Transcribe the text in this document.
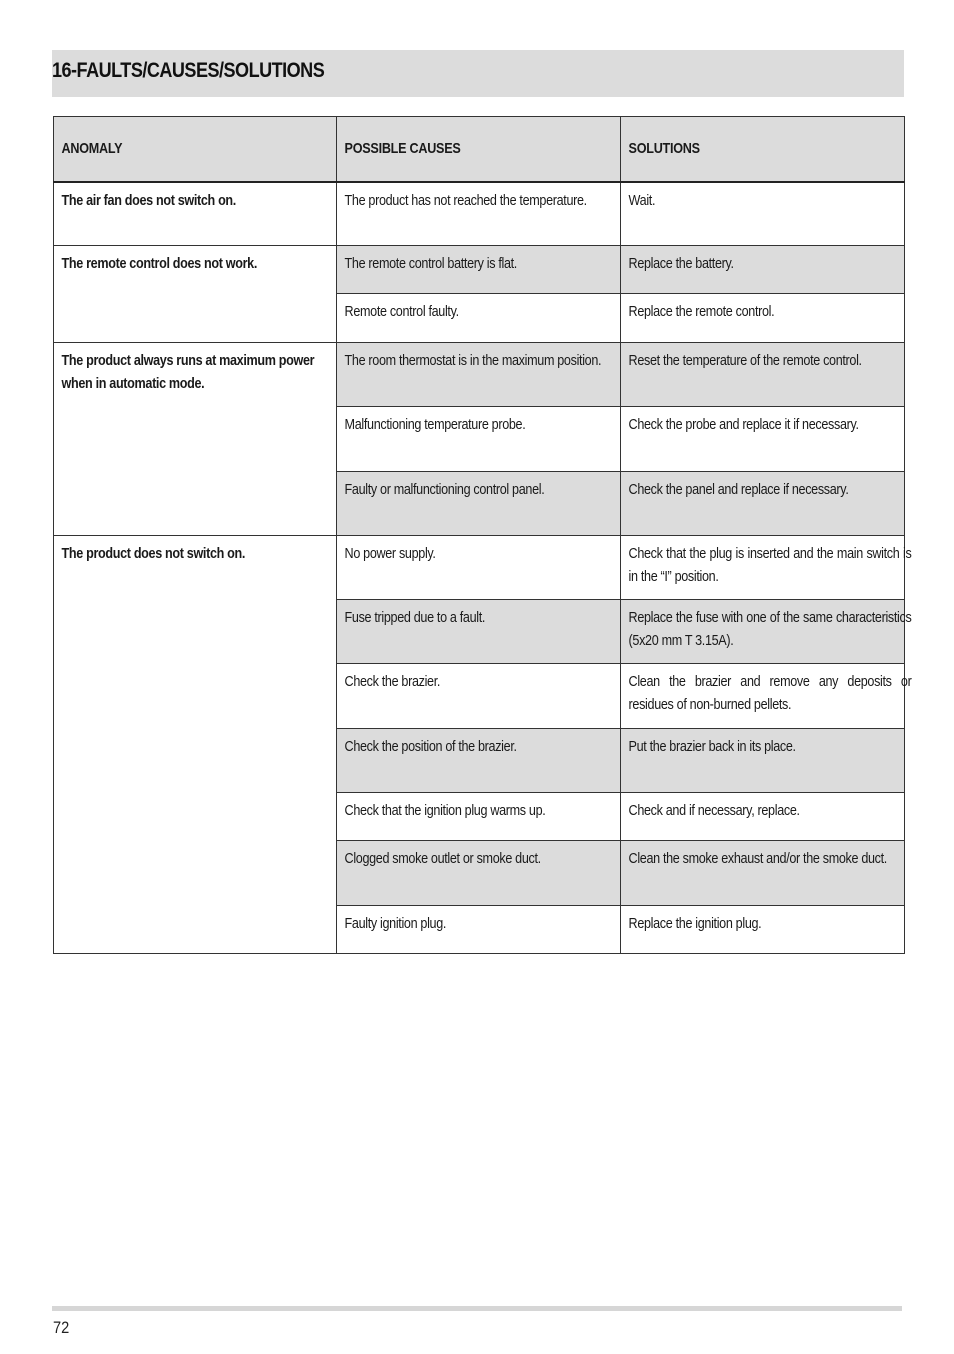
16-FAULTS/CAUSES/SOLUTIONS
ANOMALY	POSSIBLE CAUSES	SOLUTIONS

The air fan does not switch on.	The product has not reached the temperature.	Wait.

The remote control does not work.	The remote control battery is flat.	Replace the battery.

	Remote control faulty.	Replace the remote control.

The product always runs at maximum power when in automatic mode.	The room thermostat is in the maximum position.	Reset the temperature of the remote control.

	Malfunctioning temperature probe.	Check the probe and replace it if necessary.

	Faulty or malfunctioning control panel.	Check the panel and replace if necessary.

The product does not switch on.	No power supply.	Check that the plug is inserted and the main switch is in the “I” position.

	Fuse tripped due to a fault.	Replace the fuse with one of the same characteristics (5x20 mm T 3.15A).

	Check the brazier.	Clean the brazier and remove any deposits or residues of non-burned pellets.

	Check the position of the brazier.	Put the brazier back in its place.

	Check that the ignition plug warms up.	Check and if necessary, replace.

	Clogged smoke outlet or smoke duct.	Clean the smoke exhaust and/or the smoke duct.

	Faulty ignition plug.	Replace the ignition plug.
72
